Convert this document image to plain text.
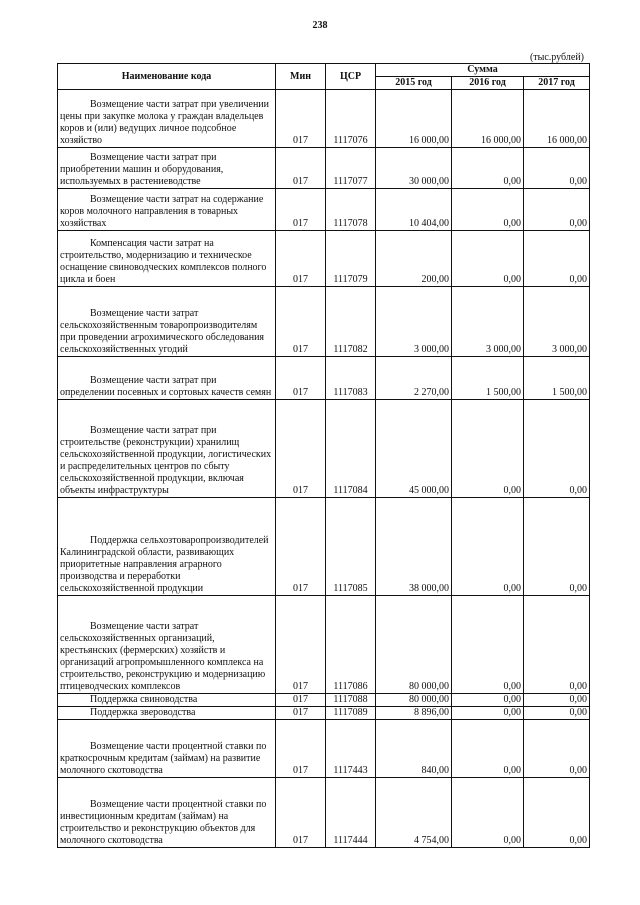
238
(тыс.рублей)
Наименование кода	Мин	ЦСР	Сумма		
			2015 год	2016 год	2017 год
Возмещение части затрат при увеличении цены при закупке молока у граждан владельцев коров и (или) ведущих личное подсобное хозяйство	017	1117076	16 000,00	16 000,00	16 000,00
Возмещение части затрат при приобретении машин и оборудования, используемых в растениеводстве	017	1117077	30 000,00	0,00	0,00
Возмещение части затрат на содержание коров молочного направления в товарных хозяйствах	017	1117078	10 404,00	0,00	0,00
Компенсация части затрат на строительство, модернизацию и техническое оснащение свиноводческих комплексов полного цикла и боен	017	1117079	200,00	0,00	0,00
Возмещение части затрат сельскохозяйственным товаропроизводителям при проведении агрохимического обследования сельскохозяйственных угодий	017	1117082	3 000,00	3 000,00	3 000,00
Возмещение части затрат при определении посевных и сортовых качеств семян	017	1117083	2 270,00	1 500,00	1 500,00
Возмещение части затрат при строительстве (реконструкции) хранилищ сельскохозяйственной продукции, логистических и распределительных центров по сбыту сельскохозяйственной продукции, включая объекты инфраструктуры	017	1117084	45 000,00	0,00	0,00
Поддержка сельхозтоваропроизводителей Калининградской области, развивающих приоритетные направления аграрного производства и переработки сельскохозяйственной продукции	017	1117085	38 000,00	0,00	0,00
Возмещение части затрат сельскохозяйственных организаций, крестьянских (фермерских) хозяйств и организаций агропромышленного комплекса на строительство, реконструкцию и модернизацию птицеводческих комплексов	017	1117086	80 000,00	0,00	0,00
Поддержка свиноводства	017	1117088	80 000,00	0,00	0,00
Поддержка звероводства	017	1117089	8 896,00	0,00	0,00
Возмещение части процентной ставки по краткосрочным кредитам (займам) на развитие молочного скотоводства	017	1117443	840,00	0,00	0,00
Возмещение части процентной ставки по инвестиционным кредитам (займам) на строительство и реконструкцию объектов для молочного скотоводства	017	1117444	4 754,00	0,00	0,00
